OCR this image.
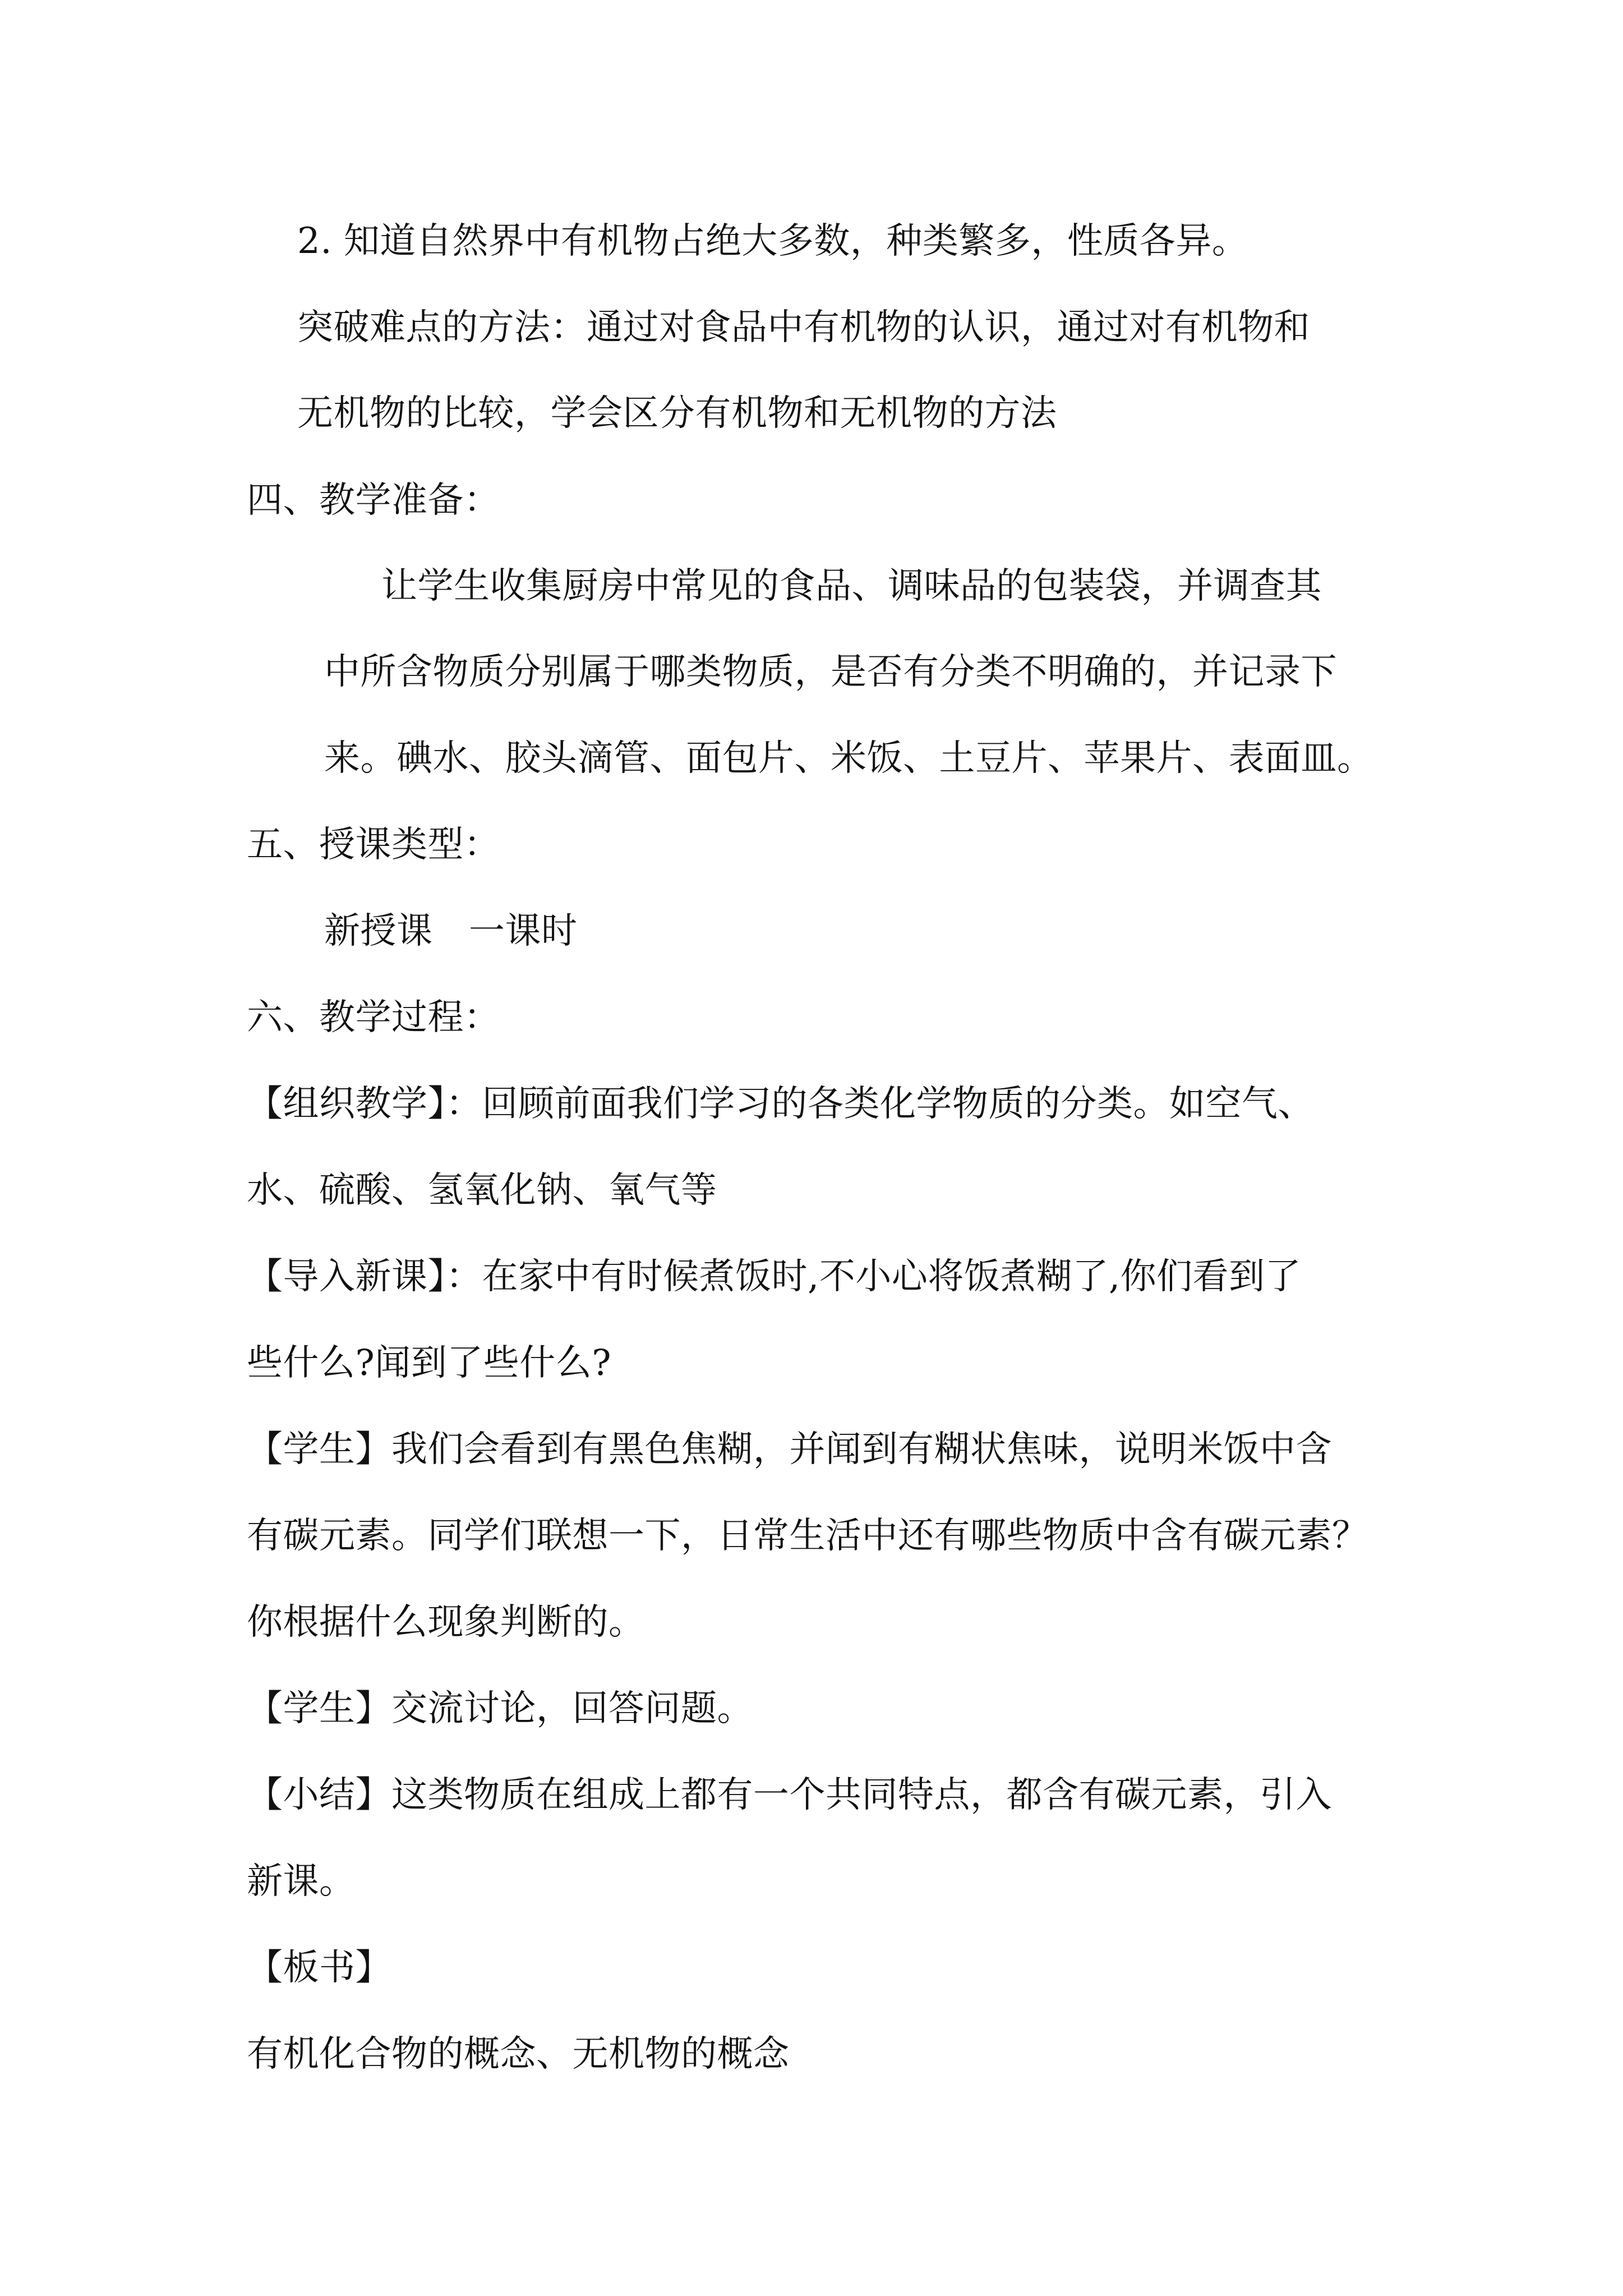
2. 知道自然界中有机物占绝大多数，种类繁多，性质各异。
突破难点的方法：通过对食品中有机物的认识，通过对有机物和
无机物的比较，学会区分有机物和无机物的方法
四、教学准备：
让学生收集厨房中常见的食品、调味品的包装袋，并调查其
中所含物质分别属于哪类物质，是否有分类不明确的，并记录下
来。碘水、胶头滴管、面包片、米饭、土豆片、苹果片、表面皿。
五、授课类型：
新授课　一课时
六、教学过程：
【组织教学】：回顾前面我们学习的各类化学物质的分类。如空气、
水、硫酸、氢氧化钠、氧气等
【导入新课】：在家中有时候煮饭时,不小心将饭煮糊了,你们看到了
些什么?闻到了些什么?
【学生】我们会看到有黑色焦糊，并闻到有糊状焦味，说明米饭中含
有碳元素。同学们联想一下，日常生活中还有哪些物质中含有碳元素？
你根据什么现象判断的。
【学生】交流讨论，回答问题。
【小结】这类物质在组成上都有一个共同特点，都含有碳元素，引入
新课。
【板书】
有机化合物的概念、无机物的概念
